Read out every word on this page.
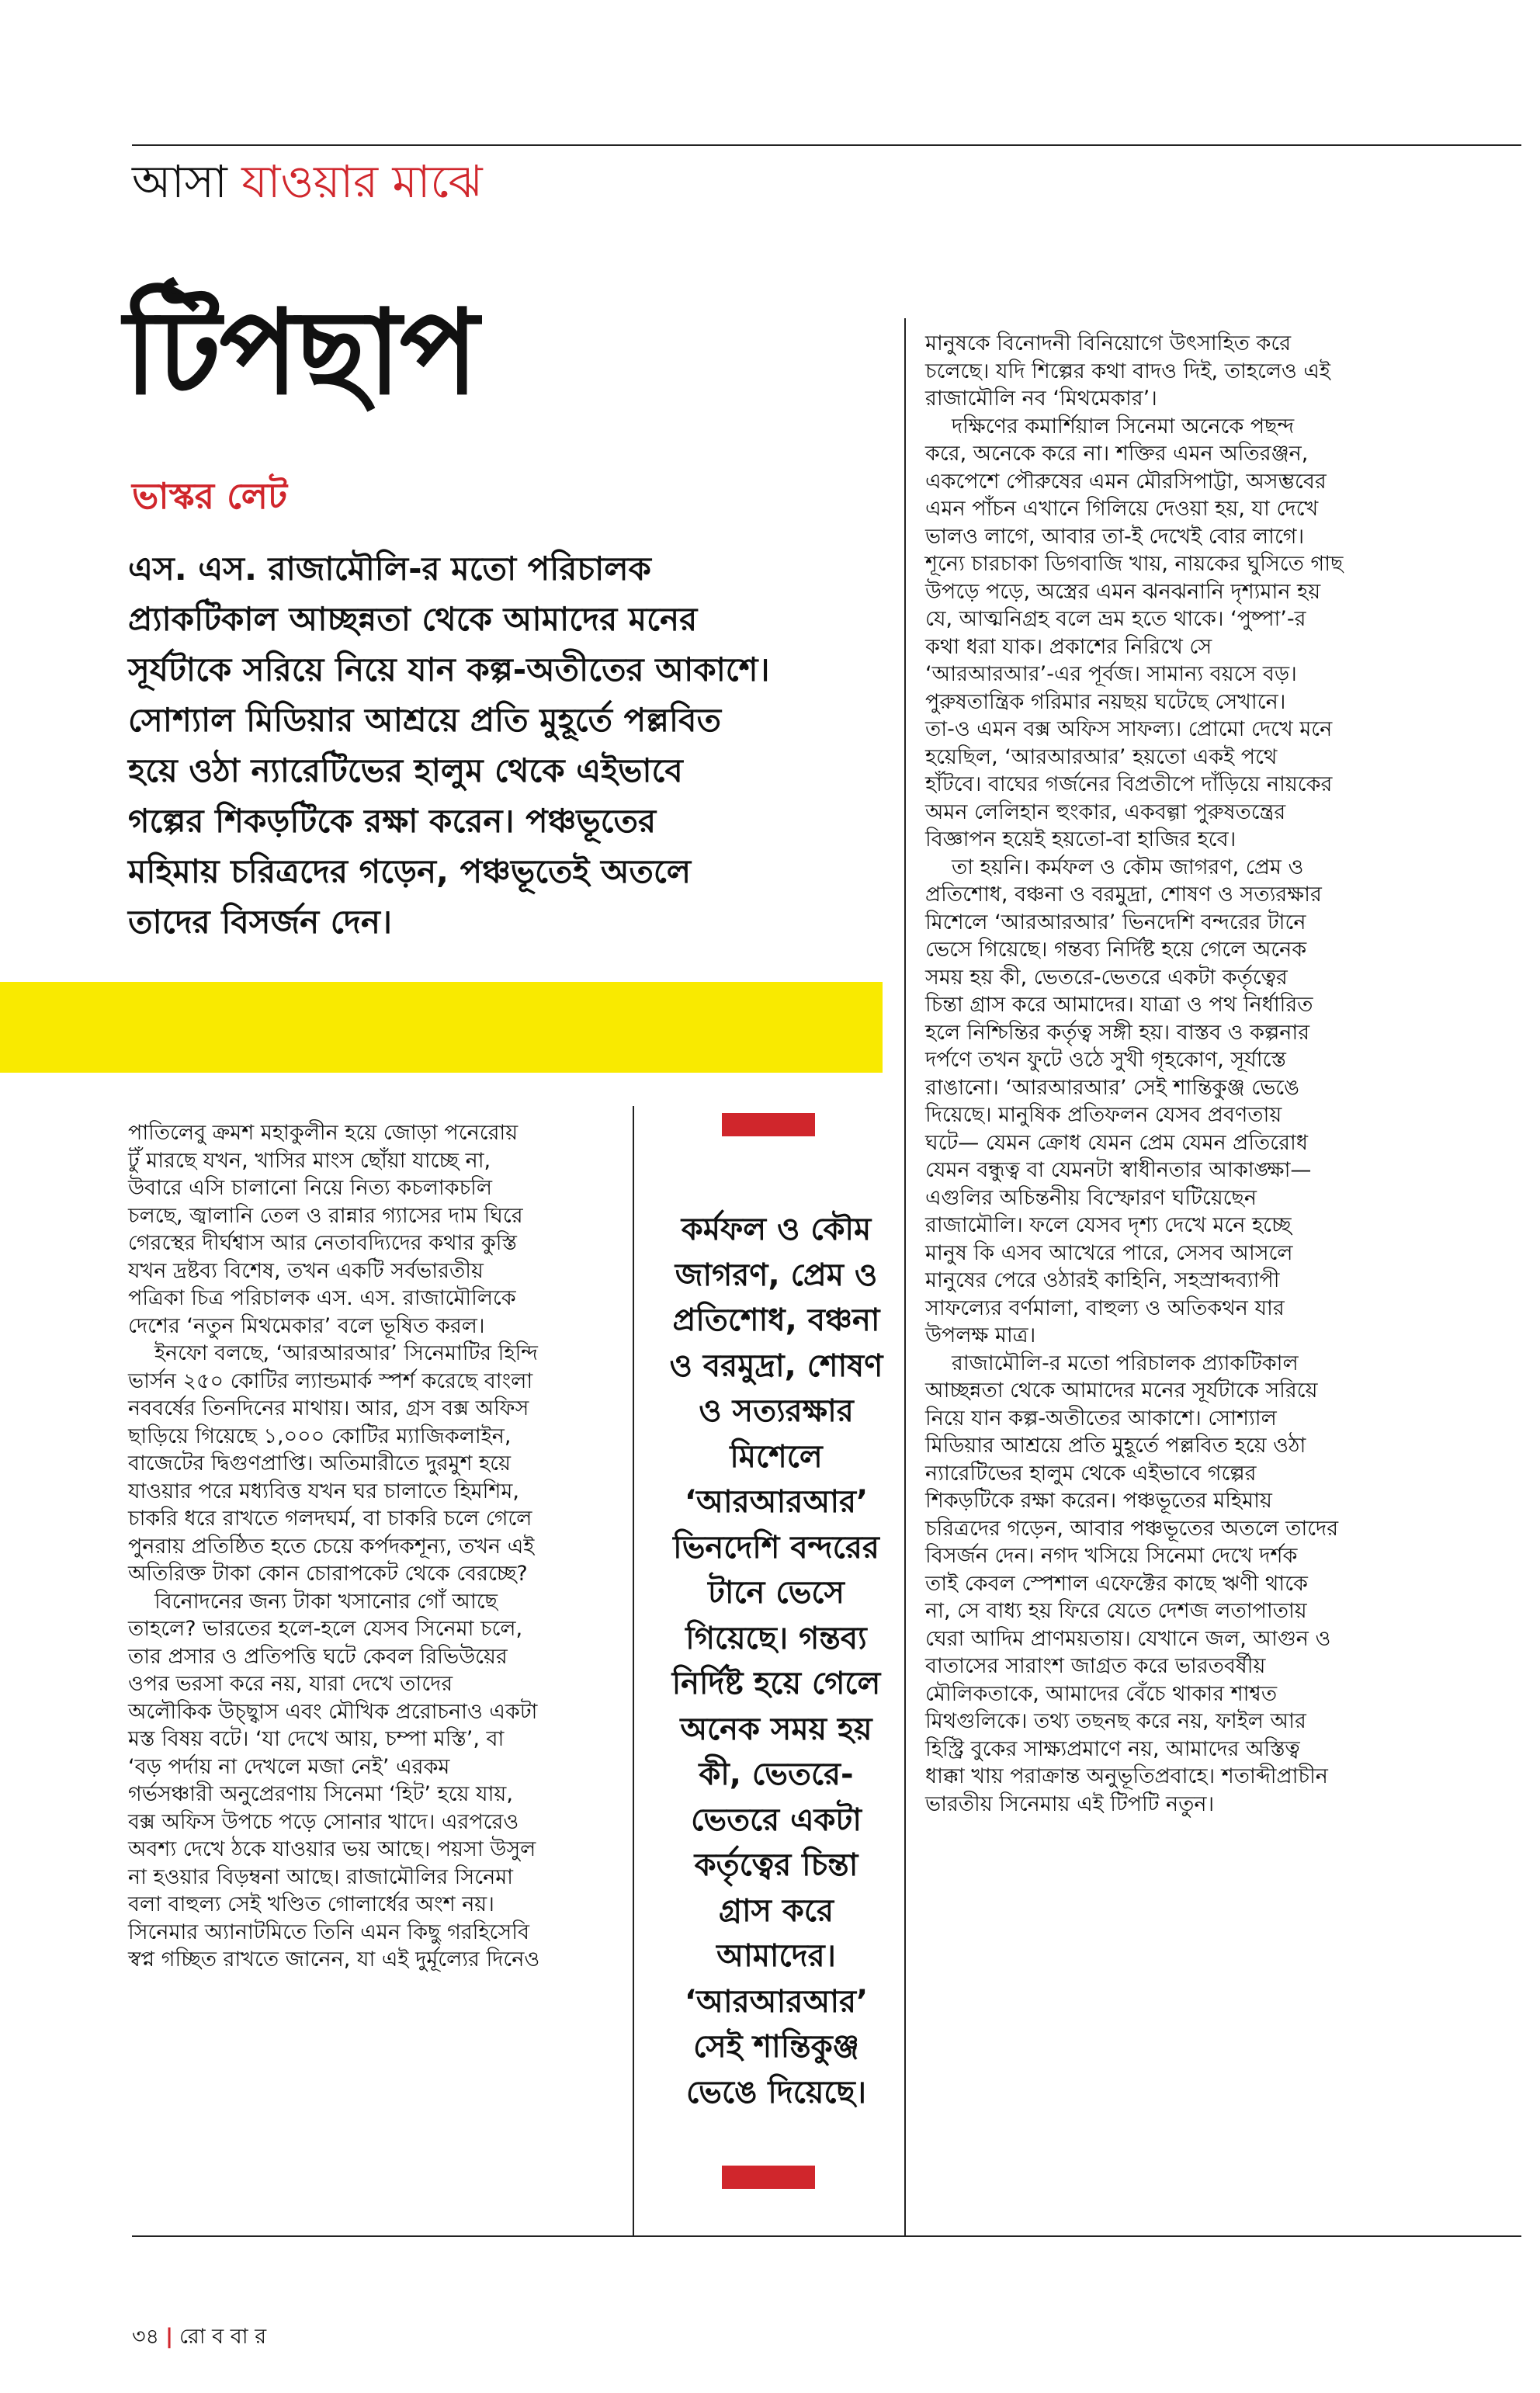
আসা যাওয়ার মাঝে
টিপছাপ
ভাস্কর লেট
এস. এস. রাজামৌলি-র মতো পরিচালক
প্র্যাকটিকাল আচ্ছন্নতা থেকে আমাদের মনের
সূর্যটাকে সরিয়ে নিয়ে যান কল্প-অতীতের আকাশে।
সোশ্যাল মিডিয়ার আশ্রয়ে প্রতি মুহূর্তে পল্লবিত
হয়ে ওঠা ন্যারেটিভের হালুম থেকে এইভাবে
গল্পের শিকড়টিকে রক্ষা করেন। পঞ্চভূতের
মহিমায় চরিত্রদের গড়েন, পঞ্চভূতেই অতলে
তাদের বিসর্জন দেন।
পাতিলেবু ক্রমশ মহাকুলীন হয়ে জোড়া পনেরোয়
টুঁ মারছে যখন, খাসির মাংস ছোঁয়া যাচ্ছে না,
উবারে এসি চালানো নিয়ে নিত্য কচলাকচলি
চলছে, জ্বালানি তেল ও রান্নার গ্যাসের দাম ঘিরে
গেরস্থের দীর্ঘশ্বাস আর নেতাবদ্যিদের কথার কুস্তি
যখন দ্রষ্টব্য বিশেষ, তখন একটি সর্বভারতীয়
পত্রিকা চিত্র পরিচালক এস. এস. রাজামৌলিকে
দেশের ‘নতুন মিথমেকার’ বলে ভূষিত করল।
ইনফো বলছে, ‘আরআরআর’ সিনেমাটির হিন্দি
ভার্সন ২৫০ কোটির ল্যান্ডমার্ক স্পর্শ করেছে বাংলা
নববর্ষের তিনদিনের মাথায়। আর, গ্রস বক্স অফিস
ছাড়িয়ে গিয়েছে ১,০০০ কোটির ম্যাজিকলাইন,
বাজেটের দ্বিগুণপ্রাপ্তি। অতিমারীতে দুরমুশ হয়ে
যাওয়ার পরে মধ্যবিত্ত যখন ঘর চালাতে হিমশিম,
চাকরি ধরে রাখতে গলদঘর্ম, বা চাকরি চলে গেলে
পুনরায় প্রতিষ্ঠিত হতে চেয়ে কর্পদকশূন্য, তখন এই
অতিরিক্ত টাকা কোন চোরাপকেট থেকে বেরচ্ছে?
বিনোদনের জন্য টাকা খসানোর গোঁ আছে
তাহলে? ভারতের হলে-হলে যেসব সিনেমা চলে,
তার প্রসার ও প্রতিপত্তি ঘটে কেবল রিভিউয়ের
ওপর ভরসা করে নয়, যারা দেখে তাদের
অলৌকিক উচ্ছ্বাস এবং মৌখিক প্ররোচনাও একটা
মস্ত বিষয় বটে। ‘যা দেখে আয়, চম্পা মস্তি’, বা
‘বড় পর্দায় না দেখলে মজা নেই’ এরকম
গর্ভসঞ্চারী অনুপ্রেরণায় সিনেমা ‘হিট’ হয়ে যায়,
বক্স অফিস উপচে পড়ে সোনার খাদে। এরপরেও
অবশ্য দেখে ঠকে যাওয়ার ভয় আছে। পয়সা উসুল
না হওয়ার বিড়ম্বনা আছে। রাজামৌলির সিনেমা
বলা বাহুল্য সেই খণ্ডিত গোলার্ধের অংশ নয়।
সিনেমার অ্যানাটমিতে তিনি এমন কিছু গরহিসেবি
স্বপ্ন গচ্ছিত রাখতে জানেন, যা এই দুর্মূল্যের দিনেও
কর্মফল ও কৌম
জাগরণ, প্রেম ও
প্রতিশোধ, বঞ্চনা
ও বরমুদ্রা, শোষণ
ও সত্যরক্ষার
মিশেলে
‘আরআরআর’
ভিনদেশি বন্দরের
টানে ভেসে
গিয়েছে। গন্তব্য
নির্দিষ্ট হয়ে গেলে
অনেক সময় হয়
কী, ভেতরে-
ভেতরে একটা
কর্তৃত্বের চিন্তা
গ্রাস করে
আমাদের।
‘আরআরআর’
সেই শান্তিকুঞ্জ
ভেঙে দিয়েছে।
মানুষকে বিনোদনী বিনিয়োগে উৎসাহিত করে
চলেছে। যদি শিল্পের কথা বাদও দিই, তাহলেও এই
রাজামৌলি নব ‘মিথমেকার’।
দক্ষিণের কমার্শিয়াল সিনেমা অনেকে পছন্দ
করে, অনেকে করে না। শক্তির এমন অতিরঞ্জন,
একপেশে পৌরুষের এমন মৌরসিপাট্টা, অসম্ভবের
এমন পাঁচন এখানে গিলিয়ে দেওয়া হয়, যা দেখে
ভালও লাগে, আবার তা-ই দেখেই বোর লাগে।
শূন্যে চারচাকা ডিগবাজি খায়, নায়কের ঘুসিতে গাছ
উপড়ে পড়ে, অস্ত্রের এমন ঝনঝনানি দৃশ্যমান হয়
যে, আত্মনিগ্রহ বলে ভ্রম হতে থাকে। ‘পুষ্পা’-র
কথা ধরা যাক। প্রকাশের নিরিখে সে
‘আরআরআর’-এর পূর্বজ। সামান্য বয়সে বড়।
পুরুষতান্ত্রিক গরিমার নয়ছয় ঘটেছে সেখানে।
তা-ও এমন বক্স অফিস সাফল্য। প্রোমো দেখে মনে
হয়েছিল, ‘আরআরআর’ হয়তো একই পথে
হাঁটবে। বাঘের গর্জনের বিপ্রতীপে দাঁড়িয়ে নায়কের
অমন লেলিহান হুংকার, একবল্গা পুরুষতন্ত্রের
বিজ্ঞাপন হয়েই হয়তো-বা হাজির হবে।
তা হয়নি। কর্মফল ও কৌম জাগরণ, প্রেম ও
প্রতিশোধ, বঞ্চনা ও বরমুদ্রা, শোষণ ও সত্যরক্ষার
মিশেলে ‘আরআরআর’ ভিনদেশি বন্দরের টানে
ভেসে গিয়েছে। গন্তব্য নির্দিষ্ট হয়ে গেলে অনেক
সময় হয় কী, ভেতরে-ভেতরে একটা কর্তৃত্বের
চিন্তা গ্রাস করে আমাদের। যাত্রা ও পথ নির্ধারিত
হলে নিশ্চিন্তির কর্তৃত্ব সঙ্গী হয়। বাস্তব ও কল্পনার
দর্পণে তখন ফুটে ওঠে সুখী গৃহকোণ, সূর্যাস্তে
রাঙানো। ‘আরআরআর’ সেই শান্তিকুঞ্জ ভেঙে
দিয়েছে। মানুষিক প্রতিফলন যেসব প্রবণতায়
ঘটে— যেমন ক্রোধ যেমন প্রেম যেমন প্রতিরোধ
যেমন বন্ধুত্ব বা যেমনটা স্বাধীনতার আকাঙ্ক্ষা—
এগুলির অচিন্তনীয় বিস্ফোরণ ঘটিয়েছেন
রাজামৌলি। ফলে যেসব দৃশ্য দেখে মনে হচ্ছে
মানুষ কি এসব আখেরে পারে, সেসব আসলে
মানুষের পেরে ওঠারই কাহিনি, সহস্রাব্দব্যাপী
সাফল্যের বর্ণমালা, বাহুল্য ও অতিকথন যার
উপলক্ষ মাত্র।
রাজামৌলি-র মতো পরিচালক প্র্যাকটিকাল
আচ্ছন্নতা থেকে আমাদের মনের সূর্যটাকে সরিয়ে
নিয়ে যান কল্প-অতীতের আকাশে। সোশ্যাল
মিডিয়ার আশ্রয়ে প্রতি মুহূর্তে পল্লবিত হয়ে ওঠা
ন্যারেটিভের হালুম থেকে এইভাবে গল্পের
শিকড়টিকে রক্ষা করেন। পঞ্চভূতের মহিমায়
চরিত্রদের গড়েন, আবার পঞ্চভূতের অতলে তাদের
বিসর্জন দেন। নগদ খসিয়ে সিনেমা দেখে দর্শক
তাই কেবল স্পেশাল এফেক্টের কাছে ঋণী থাকে
না, সে বাধ্য হয় ফিরে যেতে দেশজ লতাপাতায়
ঘেরা আদিম প্রাণময়তায়। যেখানে জল, আগুন ও
বাতাসের সারাংশ জাগ্রত করে ভারতবর্ষীয়
মৌলিকতাকে, আমাদের বেঁচে থাকার শাশ্বত
মিথগুলিকে। তথ্য তছনছ করে নয়, ফাইল আর
হিস্ট্রি বুকের সাক্ষ্যপ্রমাণে নয়, আমাদের অস্তিত্ব
ধাক্কা খায় পরাক্রান্ত অনুভূতিপ্রবাহে। শতাব্দীপ্রাচীন
ভারতীয় সিনেমায় এই টিপটি নতুন।
৩৪ | রো ব বা র
